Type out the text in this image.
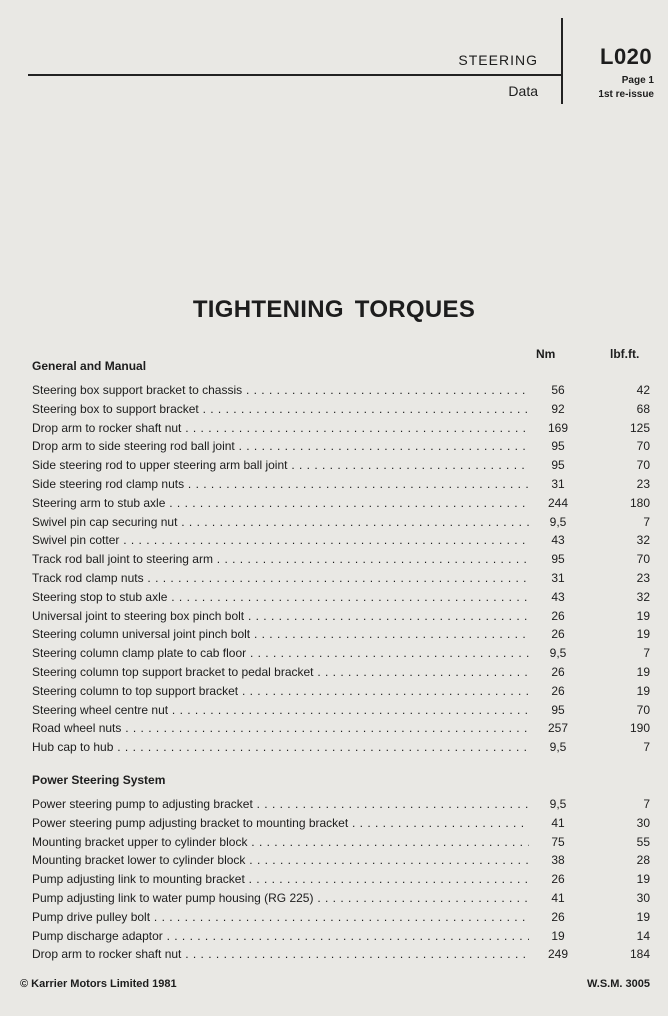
STEERING
Data
L020
Page 1
1st re-issue
TIGHTENING TORQUES
Nm	lbf.ft.
General and Manual
Steering box support bracket to chassis . . .	56	42
Steering box to support bracket . . .	92	68
Drop arm to rocker shaft nut . . .	169	125
Drop arm to side steering rod ball joint . . .	95	70
Side steering rod to upper steering arm ball joint . . .	95	70
Side steering rod clamp nuts . . .	31	23
Steering arm to stub axle . . .	244	180
Swivel pin cap securing nut . . .	9,5	7
Swivel pin cotter . . .	43	32
Track rod ball joint to steering arm . . .	95	70
Track rod clamp nuts . . .	31	23
Steering stop to stub axle . . .	43	32
Universal joint to steering box pinch bolt . . .	26	19
Steering column universal joint pinch bolt . . .	26	19
Steering column clamp plate to cab floor . . .	9,5	7
Steering column top support bracket to pedal bracket . . .	26	19
Steering column to top support bracket . . .	26	19
Steering wheel centre nut . . .	95	70
Road wheel nuts . . .	257	190
Hub cap to hub . . .	9,5	7
Power Steering System
Power steering pump to adjusting bracket . . .	9,5	7
Power steering pump adjusting bracket to mounting bracket . . .	41	30
Mounting bracket upper to cylinder block . . .	75	55
Mounting bracket lower to cylinder block . . .	38	28
Pump adjusting link to mounting bracket . . .	26	19
Pump adjusting link to water pump housing (RG 225) . . .	41	30
Pump drive pulley bolt . . .	26	19
Pump discharge adaptor . . .	19	14
Drop arm to rocker shaft nut . . .	249	184
© Karrier Motors Limited 1981	W.S.M. 3005
